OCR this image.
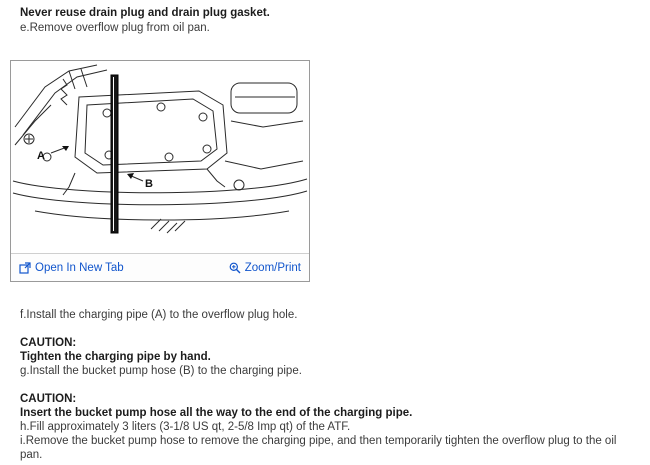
Never reuse drain plug and drain plug gasket.
e.Remove overflow plug from oil pan.
A
B
Open In New Tab	Zoom/Print
f.Install the charging pipe (A) to the overflow plug hole.
CAUTION:
Tighten the charging pipe by hand.
g.Install the bucket pump hose (B) to the charging pipe.
CAUTION:
Insert the bucket pump hose all the way to the end of the charging pipe.
h.Fill approximately 3 liters (3-1/8 US qt, 2-5/8 Imp qt) of the ATF.
i.Remove the bucket pump hose to remove the charging pipe, and then temporarily tighten the overflow plug to the oil pan.
